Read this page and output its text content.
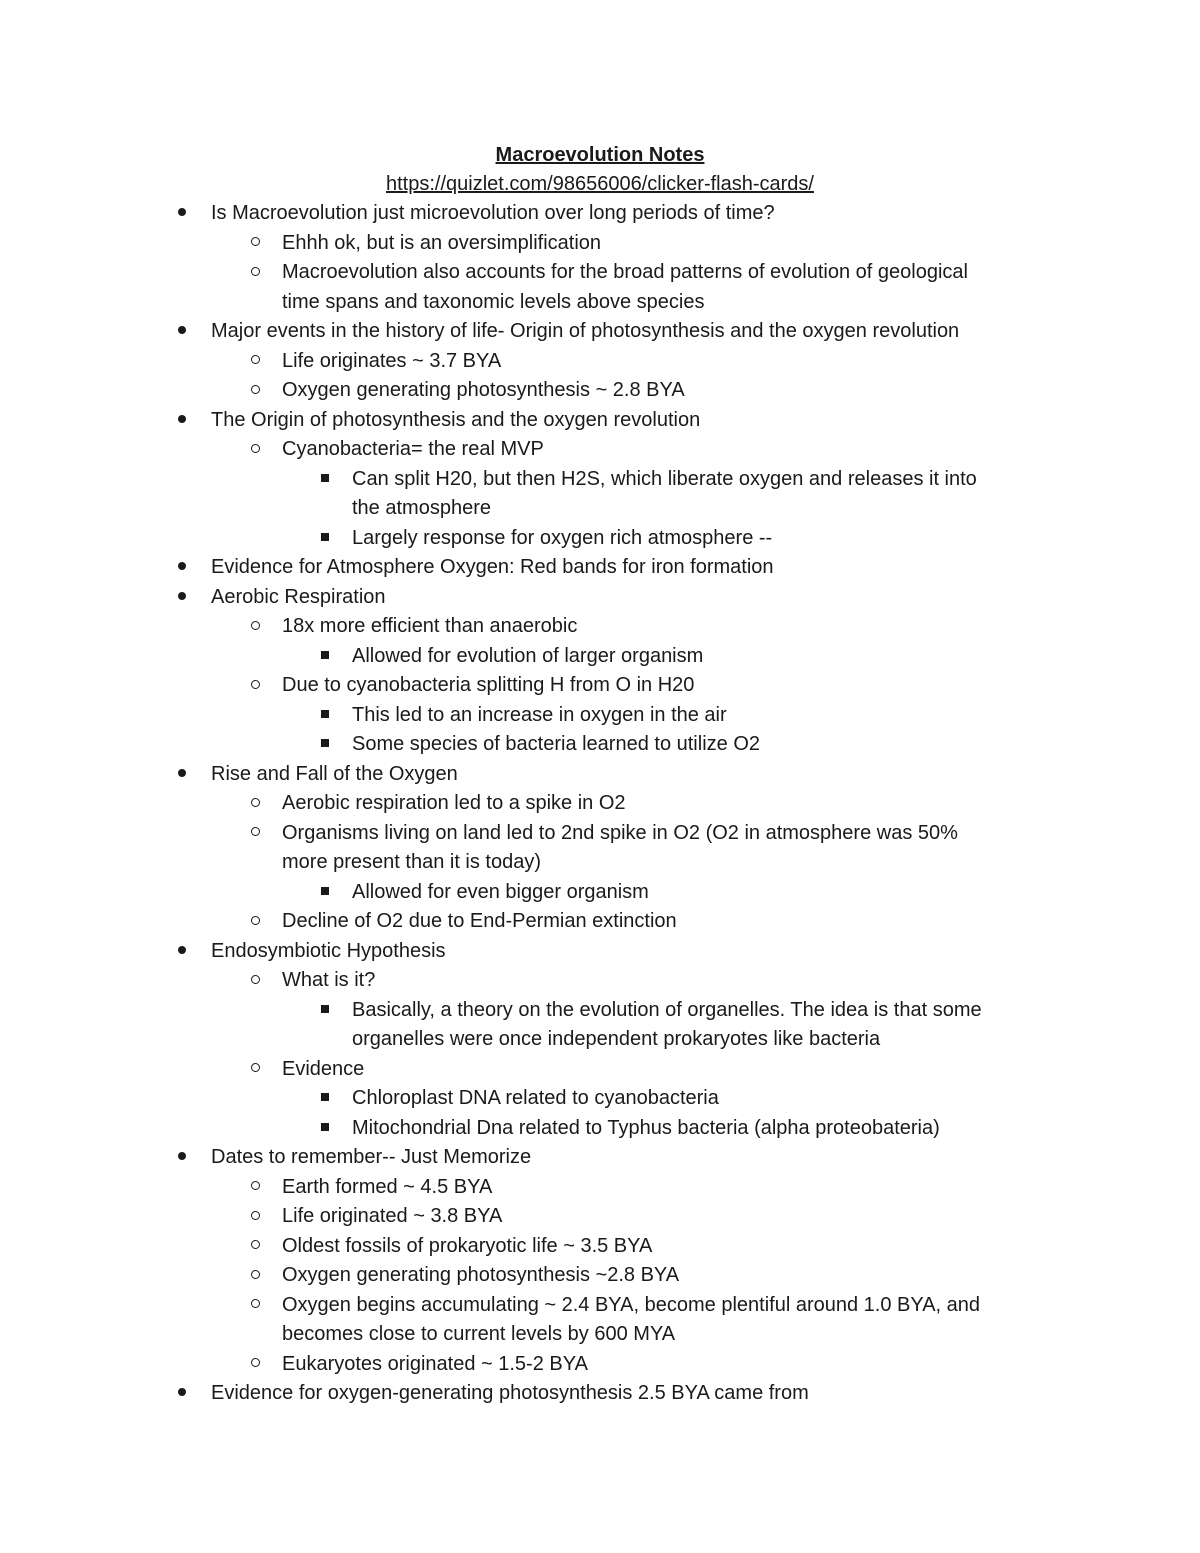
Macroevolution Notes
https://quizlet.com/98656006/clicker-flash-cards/
Is Macroevolution just microevolution over long periods of time?
Ehhh ok, but is an oversimplification
Macroevolution also accounts for the broad patterns of evolution of geological
time spans and taxonomic levels above species
Major events in the history of life- Origin of photosynthesis and the oxygen revolution
Life originates ~ 3.7 BYA
Oxygen generating photosynthesis ~ 2.8 BYA
The Origin of photosynthesis and the oxygen revolution
Cyanobacteria= the real MVP
Can split H20, but then H2S, which liberate oxygen and releases it into
the atmosphere
Largely response for oxygen rich atmosphere --
Evidence for Atmosphere Oxygen: Red bands for iron formation
Aerobic Respiration
18x more efficient than anaerobic
Allowed for evolution of larger organism
Due to cyanobacteria splitting H from O in H20
This led to an increase in oxygen in the air
Some species of bacteria learned to utilize O2
Rise and Fall of the Oxygen
Aerobic respiration led to a spike in O2
Organisms living on land led to 2nd spike in O2 (O2 in atmosphere was 50%
more present than it is today)
Allowed for even bigger organism
Decline of O2 due to End-Permian extinction
Endosymbiotic Hypothesis
What is it?
Basically, a theory on the evolution of organelles. The idea is that some
organelles were once independent prokaryotes like bacteria
Evidence
Chloroplast DNA related to cyanobacteria
Mitochondrial Dna related to Typhus bacteria (alpha proteobateria)
Dates to remember-- Just Memorize
Earth formed ~ 4.5 BYA
Life originated ~ 3.8 BYA
Oldest fossils of prokaryotic life ~ 3.5 BYA
Oxygen generating photosynthesis ~2.8 BYA
Oxygen begins accumulating ~ 2.4 BYA, become plentiful around 1.0 BYA, and
becomes close to current levels by 600 MYA
Eukaryotes originated ~ 1.5-2 BYA
Evidence for oxygen-generating photosynthesis 2.5 BYA came from
